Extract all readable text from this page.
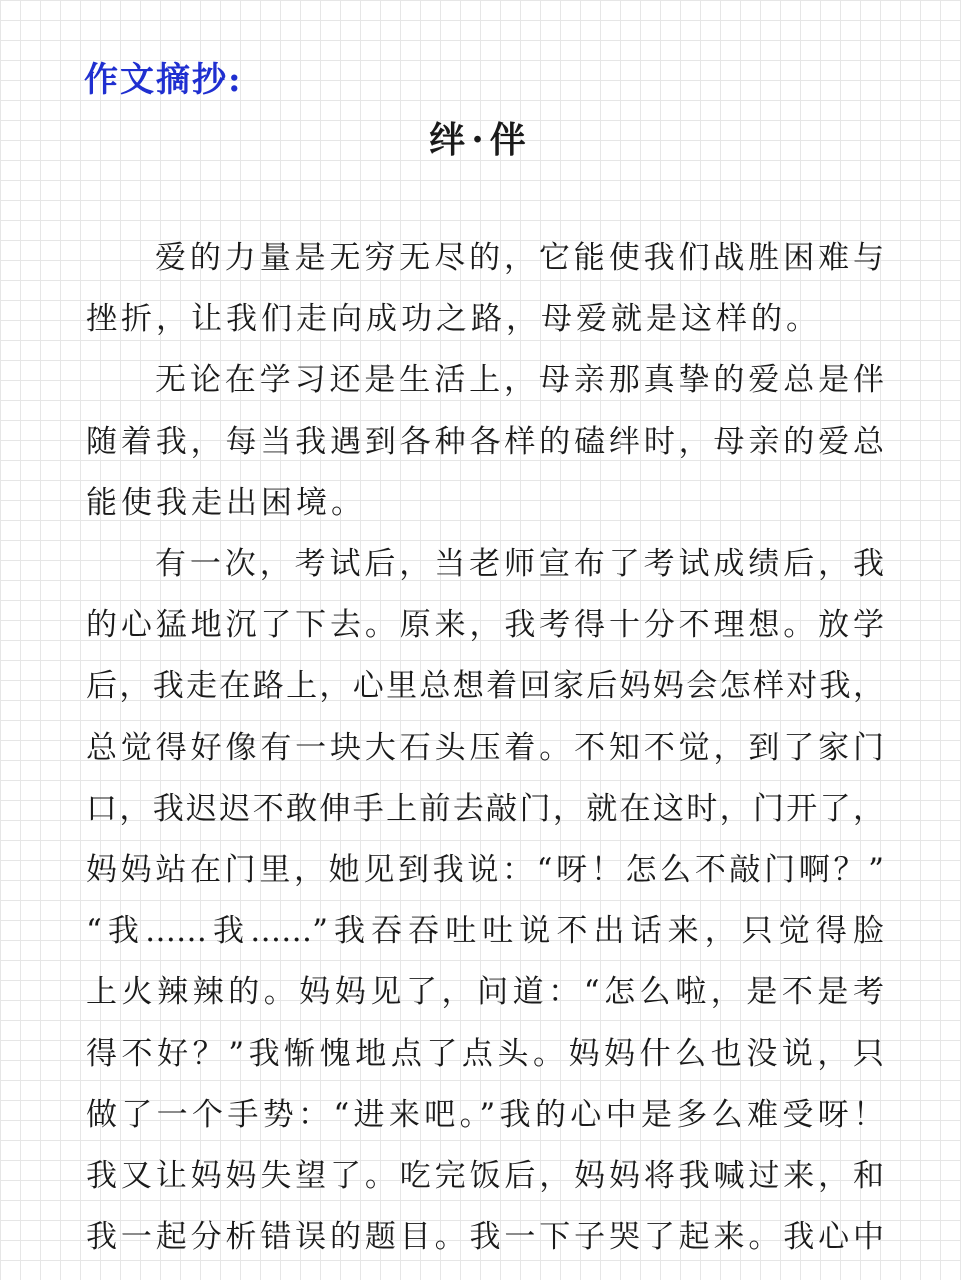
作文摘抄:
绊·伴
爱的力量是无穷无尽的，它能使我们战胜困难与
挫折，让我们走向成功之路，母爱就是这样的。
无论在学习还是生活上，母亲那真挚的爱总是伴
随着我，每当我遇到各种各样的磕绊时，母亲的爱总
能使我走出困境。
有一次，考试后，当老师宣布了考试成绩后，我
的心猛地沉了下去。原来，我考得十分不理想。放学
后，我走在路上，心里总想着回家后妈妈会怎样对我，
总觉得好像有一块大石头压着。不知不觉，到了家门
口，我迟迟不敢伸手上前去敲门，就在这时，门开了，
妈妈站在门里，她见到我说：“呀！怎么不敲门啊？”
“我……我……”我吞吞吐吐说不出话来，只觉得脸
上火辣辣的。妈妈见了，问道：“怎么啦，是不是考
得不好？”我惭愧地点了点头。妈妈什么也没说，只
做了一个手势：“进来吧。”我的心中是多么难受呀！
我又让妈妈失望了。吃完饭后，妈妈将我喊过来，和
我一起分析错误的题目。我一下子哭了起来。我心中
